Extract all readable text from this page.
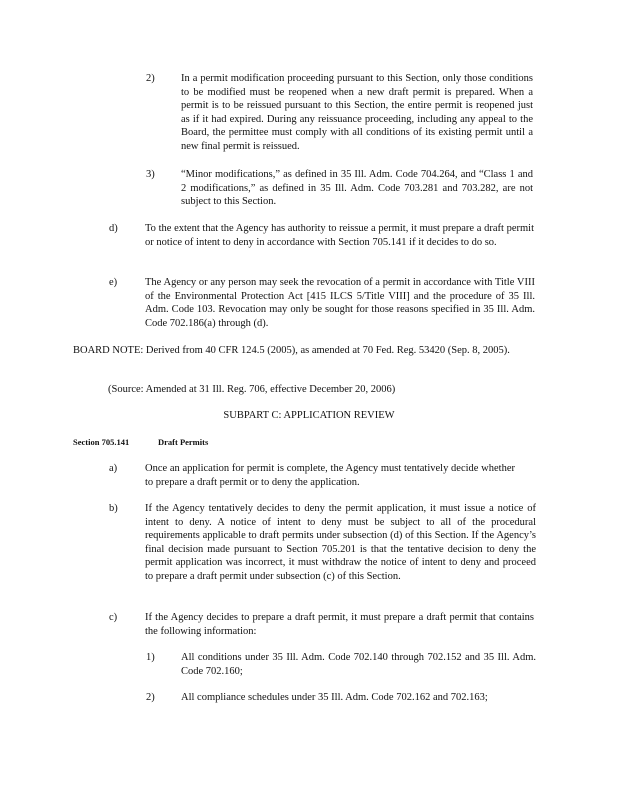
2)	In a permit modification proceeding pursuant to this Section, only those conditions to be modified must be reopened when a new draft permit is prepared. When a permit is to be reissued pursuant to this Section, the entire permit is reopened just as if it had expired. During any reissuance proceeding, including any appeal to the Board, the permittee must comply with all conditions of its existing permit until a new final permit is reissued.
3)	“Minor modifications,” as defined in 35 Ill. Adm. Code 704.264, and “Class 1 and 2 modifications,” as defined in 35 Ill. Adm. Code 703.281 and 703.282, are not subject to this Section.
d)	To the extent that the Agency has authority to reissue a permit, it must prepare a draft permit or notice of intent to deny in accordance with Section 705.141 if it decides to do so.
e)	The Agency or any person may seek the revocation of a permit in accordance with Title VIII of the Environmental Protection Act [415 ILCS 5/Title VIII] and the procedure of 35 Ill. Adm. Code 103. Revocation may only be sought for those reasons specified in 35 Ill. Adm. Code 702.186(a) through (d).
BOARD NOTE: Derived from 40 CFR 124.5 (2005), as amended at 70 Fed. Reg. 53420 (Sep. 8, 2005).
(Source: Amended at 31 Ill. Reg. 706, effective December 20, 2006)
SUBPART C: APPLICATION REVIEW
Section 705.141	Draft Permits
a)	Once an application for permit is complete, the Agency must tentatively decide whether to prepare a draft permit or to deny the application.
b)	If the Agency tentatively decides to deny the permit application, it must issue a notice of intent to deny. A notice of intent to deny must be subject to all of the procedural requirements applicable to draft permits under subsection (d) of this Section. If the Agency’s final decision made pursuant to Section 705.201 is that the tentative decision to deny the permit application was incorrect, it must withdraw the notice of intent to deny and proceed to prepare a draft permit under subsection (c) of this Section.
c)	If the Agency decides to prepare a draft permit, it must prepare a draft permit that contains the following information:
1)	All conditions under 35 Ill. Adm. Code 702.140 through 702.152 and 35 Ill. Adm. Code 702.160;
2)	All compliance schedules under 35 Ill. Adm. Code 702.162 and 702.163;
